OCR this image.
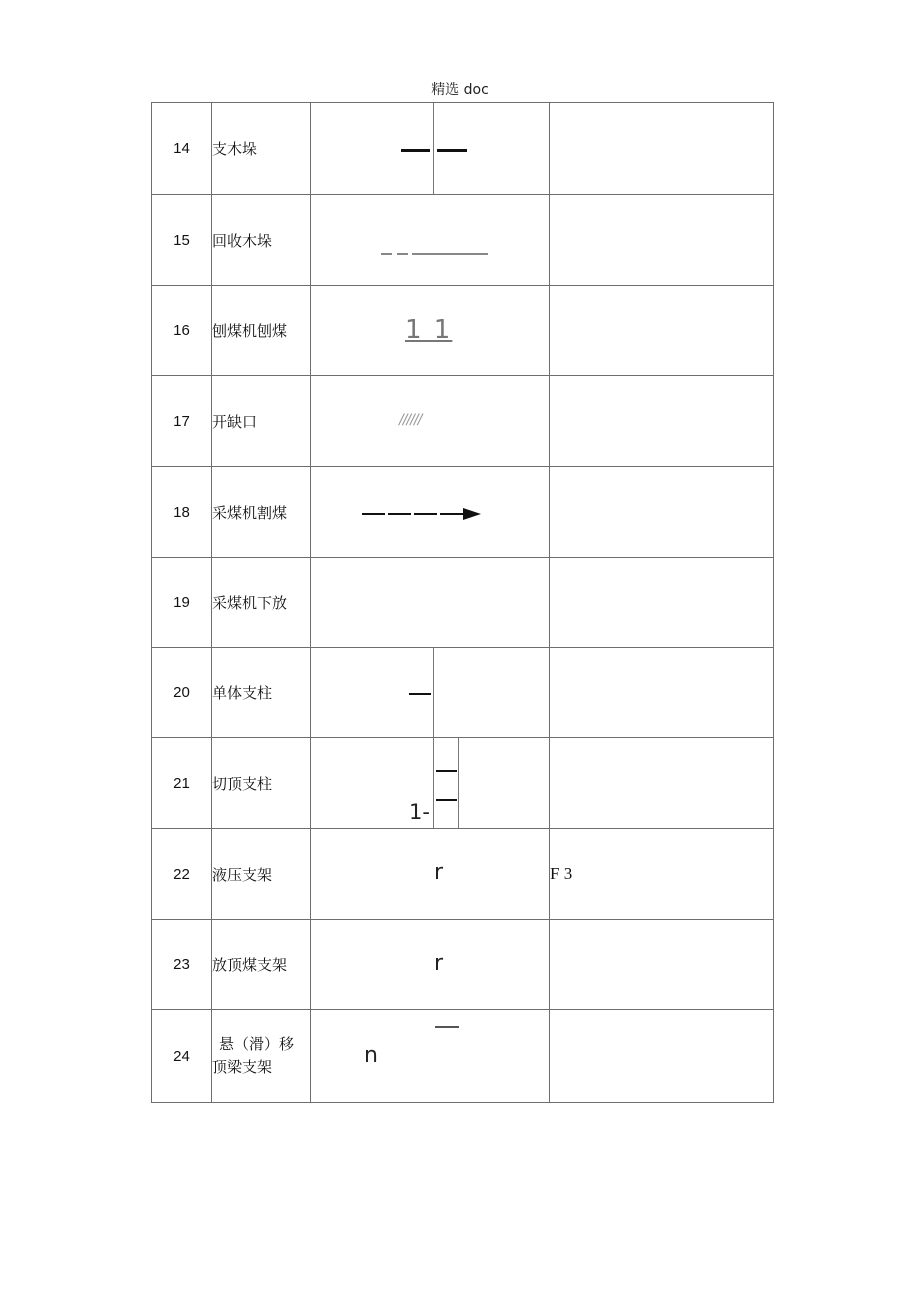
精选 doc
14	支木垛	

15	回收木垛	

16	刨煤机刨煤	1 1	

17	开缺口	//////	

18	采煤机割煤	

19	采煤机下放		
20	单体支柱	

21	切顶支柱	1-	

22	液压支架	r	F 3
23	放顶煤支架	r	

24	悬（滑）移
顶梁支架	n	
